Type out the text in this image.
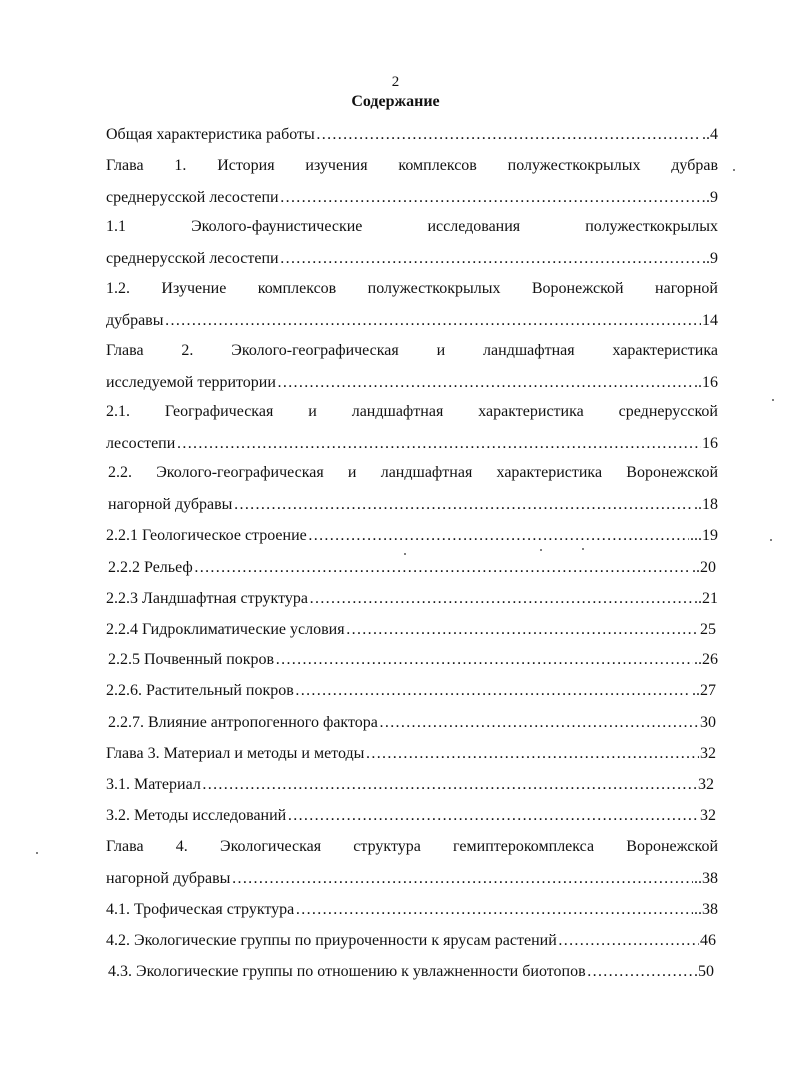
2
Содержание
Общая характеристика работы ………………………………………………………………………………………………………………………………………………………………………	..4
Глава 1. История изучения комплексов полужесткокрылых дубрав
среднерусской лесостепи ………………………………………………………………………………………………………………………………………………………………………	.9
1.1 Эколого-фаунистические исследования полужесткокрылых
среднерусской лесостепи ………………………………………………………………………………………………………………………………………………………………………	..9
1.2. Изучение комплексов полужесткокрылых Воронежской нагорной
дубравы ………………………………………………………………………………………………………………………………………………………………………	14
Глава 2. Эколого-географическая и ландшафтная характеристика
исследуемой территории ………………………………………………………………………………………………………………………………………………………………………	..16
2.1. Географическая и ландшафтная характеристика среднерусской
лесостепи ………………………………………………………………………………………………………………………………………………………………………	16
2.2. Эколого-географическая и ландшафтная характеристика Воронежской
нагорной дубравы ………………………………………………………………………………………………………………………………………………………………………	..18
2.2.1 Геологическое строение ………………………………………………………………………………………………………………………………………………………………………	...19
2.2.2 Рельеф ………………………………………………………………………………………………………………………………………………………………………	..20
2.2.3 Ландшафтная структура ………………………………………………………………………………………………………………………………………………………………………	..21
2.2.4 Гидроклиматические условия ………………………………………………………………………………………………………………………………………………………………………	25
2.2.5 Почвенный покров ………………………………………………………………………………………………………………………………………………………………………	..26
2.2.6. Растительный покров ………………………………………………………………………………………………………………………………………………………………………	..27
2.2.7. Влияние антропогенного фактора ………………………………………………………………………………………………………………………………………………………………………	30
Глава 3. Материал и методы и методы ………………………………………………………………………………………………………………………………………………………………………	32
3.1. Материал ………………………………………………………………………………………………………………………………………………………………………	32
3.2. Методы исследований ………………………………………………………………………………………………………………………………………………………………………	32
Глава 4. Экологическая структура гемиптерокомплекса Воронежской
нагорной дубравы ………………………………………………………………………………………………………………………………………………………………………	..38
4.1. Трофическая структура ………………………………………………………………………………………………………………………………………………………………………	..38
4.2. Экологические группы по приуроченности к ярусам растений ………………………………………………………………………………………………………………………………………………………………………	46
4.3. Экологические группы по отношению к увлажненности биотопов ………………………………………………………………………………………………………………………………………………………………………	50
